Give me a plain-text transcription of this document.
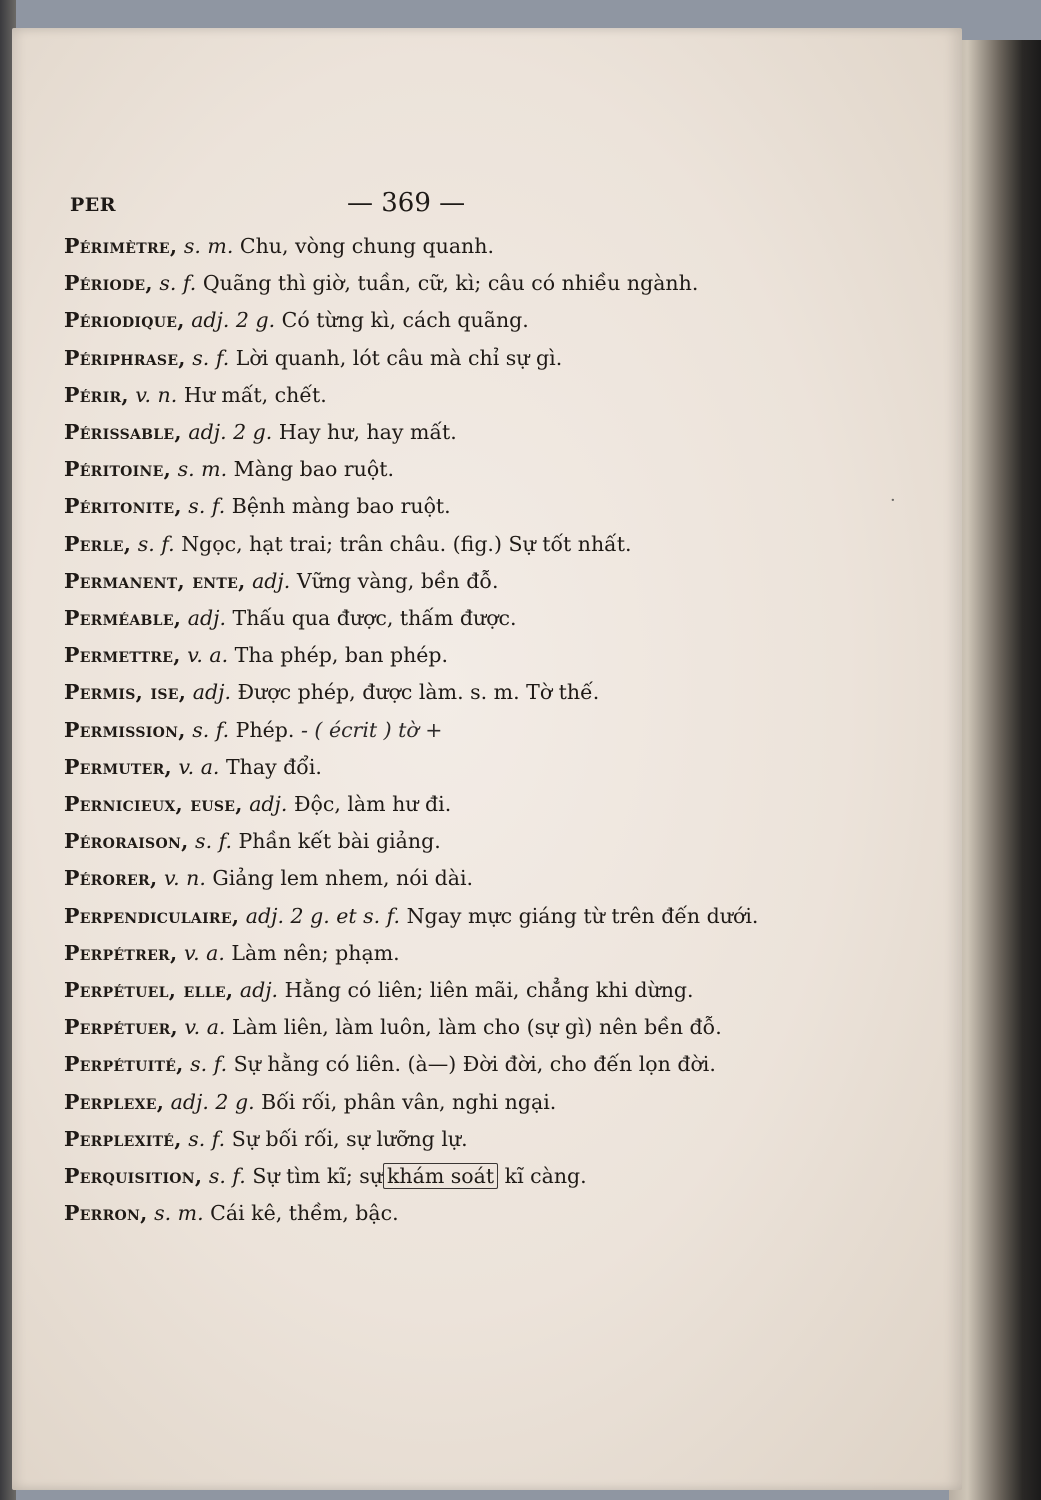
PER	— 369 —
Périmètre, s. m. Chu, vòng chung quanh.
Période, s. f. Quãng thì giờ, tuần, cữ, kì; câu có nhiều ngành.
Périodique, adj. 2 g. Có từng kì, cách quãng.
Périphrase, s. f. Lời quanh, lót câu mà chỉ sự gì.
Périr, v. n. Hư mất, chết.
Périssable, adj. 2 g. Hay hư, hay mất.
Péritoine, s. m. Màng bao ruột.
Péritonite, s. f. Bệnh màng bao ruột.
Perle, s. f. Ngọc, hạt trai; trân châu. (fig.) Sự tốt nhất.
Permanent, ente, adj. Vững vàng, bền đỗ.
Perméable, adj. Thấu qua được, thấm được.
Permettre, v. a. Tha phép, ban phép.
Permis, ise, adj. Được phép, được làm. s. m. Tờ thế.
Permission, s. f. Phép. - ( écrit ) tờ +
Permuter, v. a. Thay đổi.
Pernicieux, euse, adj. Độc, làm hư đi.
Péroraison, s. f. Phần kết bài giảng.
Pérorer, v. n. Giảng lem nhem, nói dài.
Perpendiculaire, adj. 2 g. et s. f. Ngay mực giáng từ trên đến dưới.
Perpétrer, v. a. Làm nên; phạm.
Perpétuel, elle, adj. Hằng có liên; liên mãi, chẳng khi dừng.
Perpétuer, v. a. Làm liên, làm luôn, làm cho (sự gì) nên bền đỗ.
Perpétuité, s. f. Sự hằng có liên. (à—) Đời đời, cho đến lọn đời.
Perplexe, adj. 2 g. Bối rối, phân vân, nghi ngại.
Perplexité, s. f. Sự bối rối, sự lưỡng lự.
Perquisition, s. f. Sự tìm kĩ; sự khám soát kĩ càng.
Perron, s. m. Cái kê, thềm, bậc.
·
